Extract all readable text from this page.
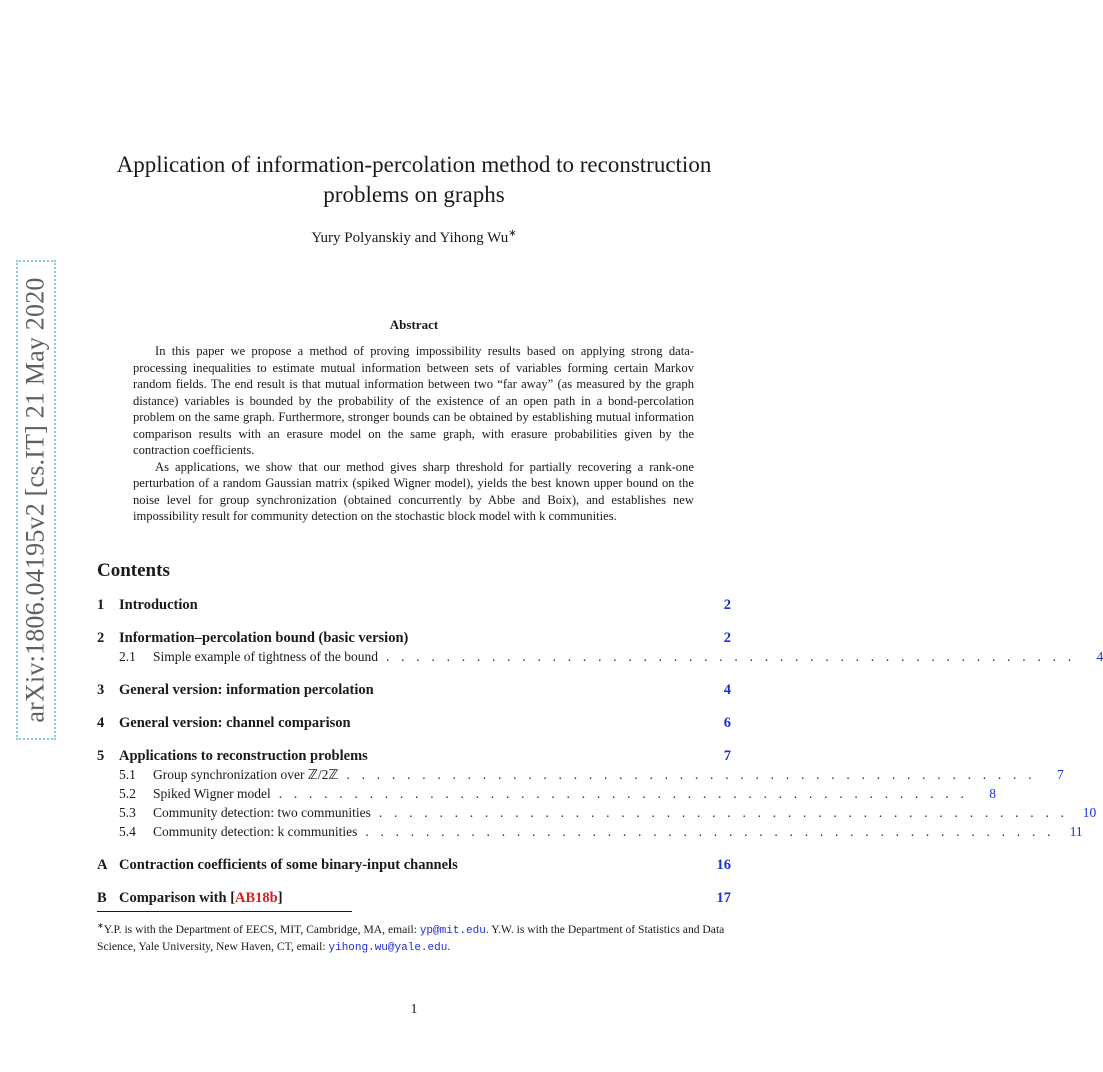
arXiv:1806.04195v2 [cs.IT] 21 May 2020
Application of information-percolation method to reconstruction
problems on graphs
Yury Polyanskiy and Yihong Wu∗
Abstract

In this paper we propose a method of proving impossibility results based on applying strong data-processing inequalities to estimate mutual information between sets of variables forming certain Markov random fields. The end result is that mutual information between two “far away” (as measured by the graph distance) variables is bounded by the probability of the existence of an open path in a bond-percolation problem on the same graph. Furthermore, stronger bounds can be obtained by establishing mutual information comparison results with an erasure model on the same graph, with erasure probabilities given by the contraction coefficients.

As applications, we show that our method gives sharp threshold for partially recovering a rank-one perturbation of a random Gaussian matrix (spiked Wigner model), yields the best known upper bound on the noise level for group synchronization (obtained concurrently by Abbe and Boix), and establishes new impossibility result for community detection on the stochastic block model with k communities.

Contents
1	Introduction	2
2	Information–percolation bound (basic version)	2
2.1	Simple example of tightness of the bound . . . . . . . . . . . . . . . . . . . . . . . . . . . . . . . . . . . . . . . . . . . . . .	4
3	General version: information percolation	4
4	General version: channel comparison	6
5	Applications to reconstruction problems	7
5.1	Group synchronization over ℤ/2ℤ . . . . . . . . . . . . . . . . . . . . . . . . . . . . . . . . . . . . . . . . . . . . . .	7
5.2	Spiked Wigner model . . . . . . . . . . . . . . . . . . . . . . . . . . . . . . . . . . . . . . . . . . . . . .	8
5.3	Community detection: two communities . . . . . . . . . . . . . . . . . . . . . . . . . . . . . . . . . . . . . . . . . . . . . .	10
5.4	Community detection: k communities . . . . . . . . . . . . . . . . . . . . . . . . . . . . . . . . . . . . . . . . . . . . . .	11
A Contraction coefficients of some binary-input channels	16
B Comparison with [AB18b]	17
∗Y.P. is with the Department of EECS, MIT, Cambridge, MA, email: yp@mit.edu. Y.W. is with the Department of Statistics and Data Science, Yale University, New Haven, CT, email: yihong.wu@yale.edu.
1
